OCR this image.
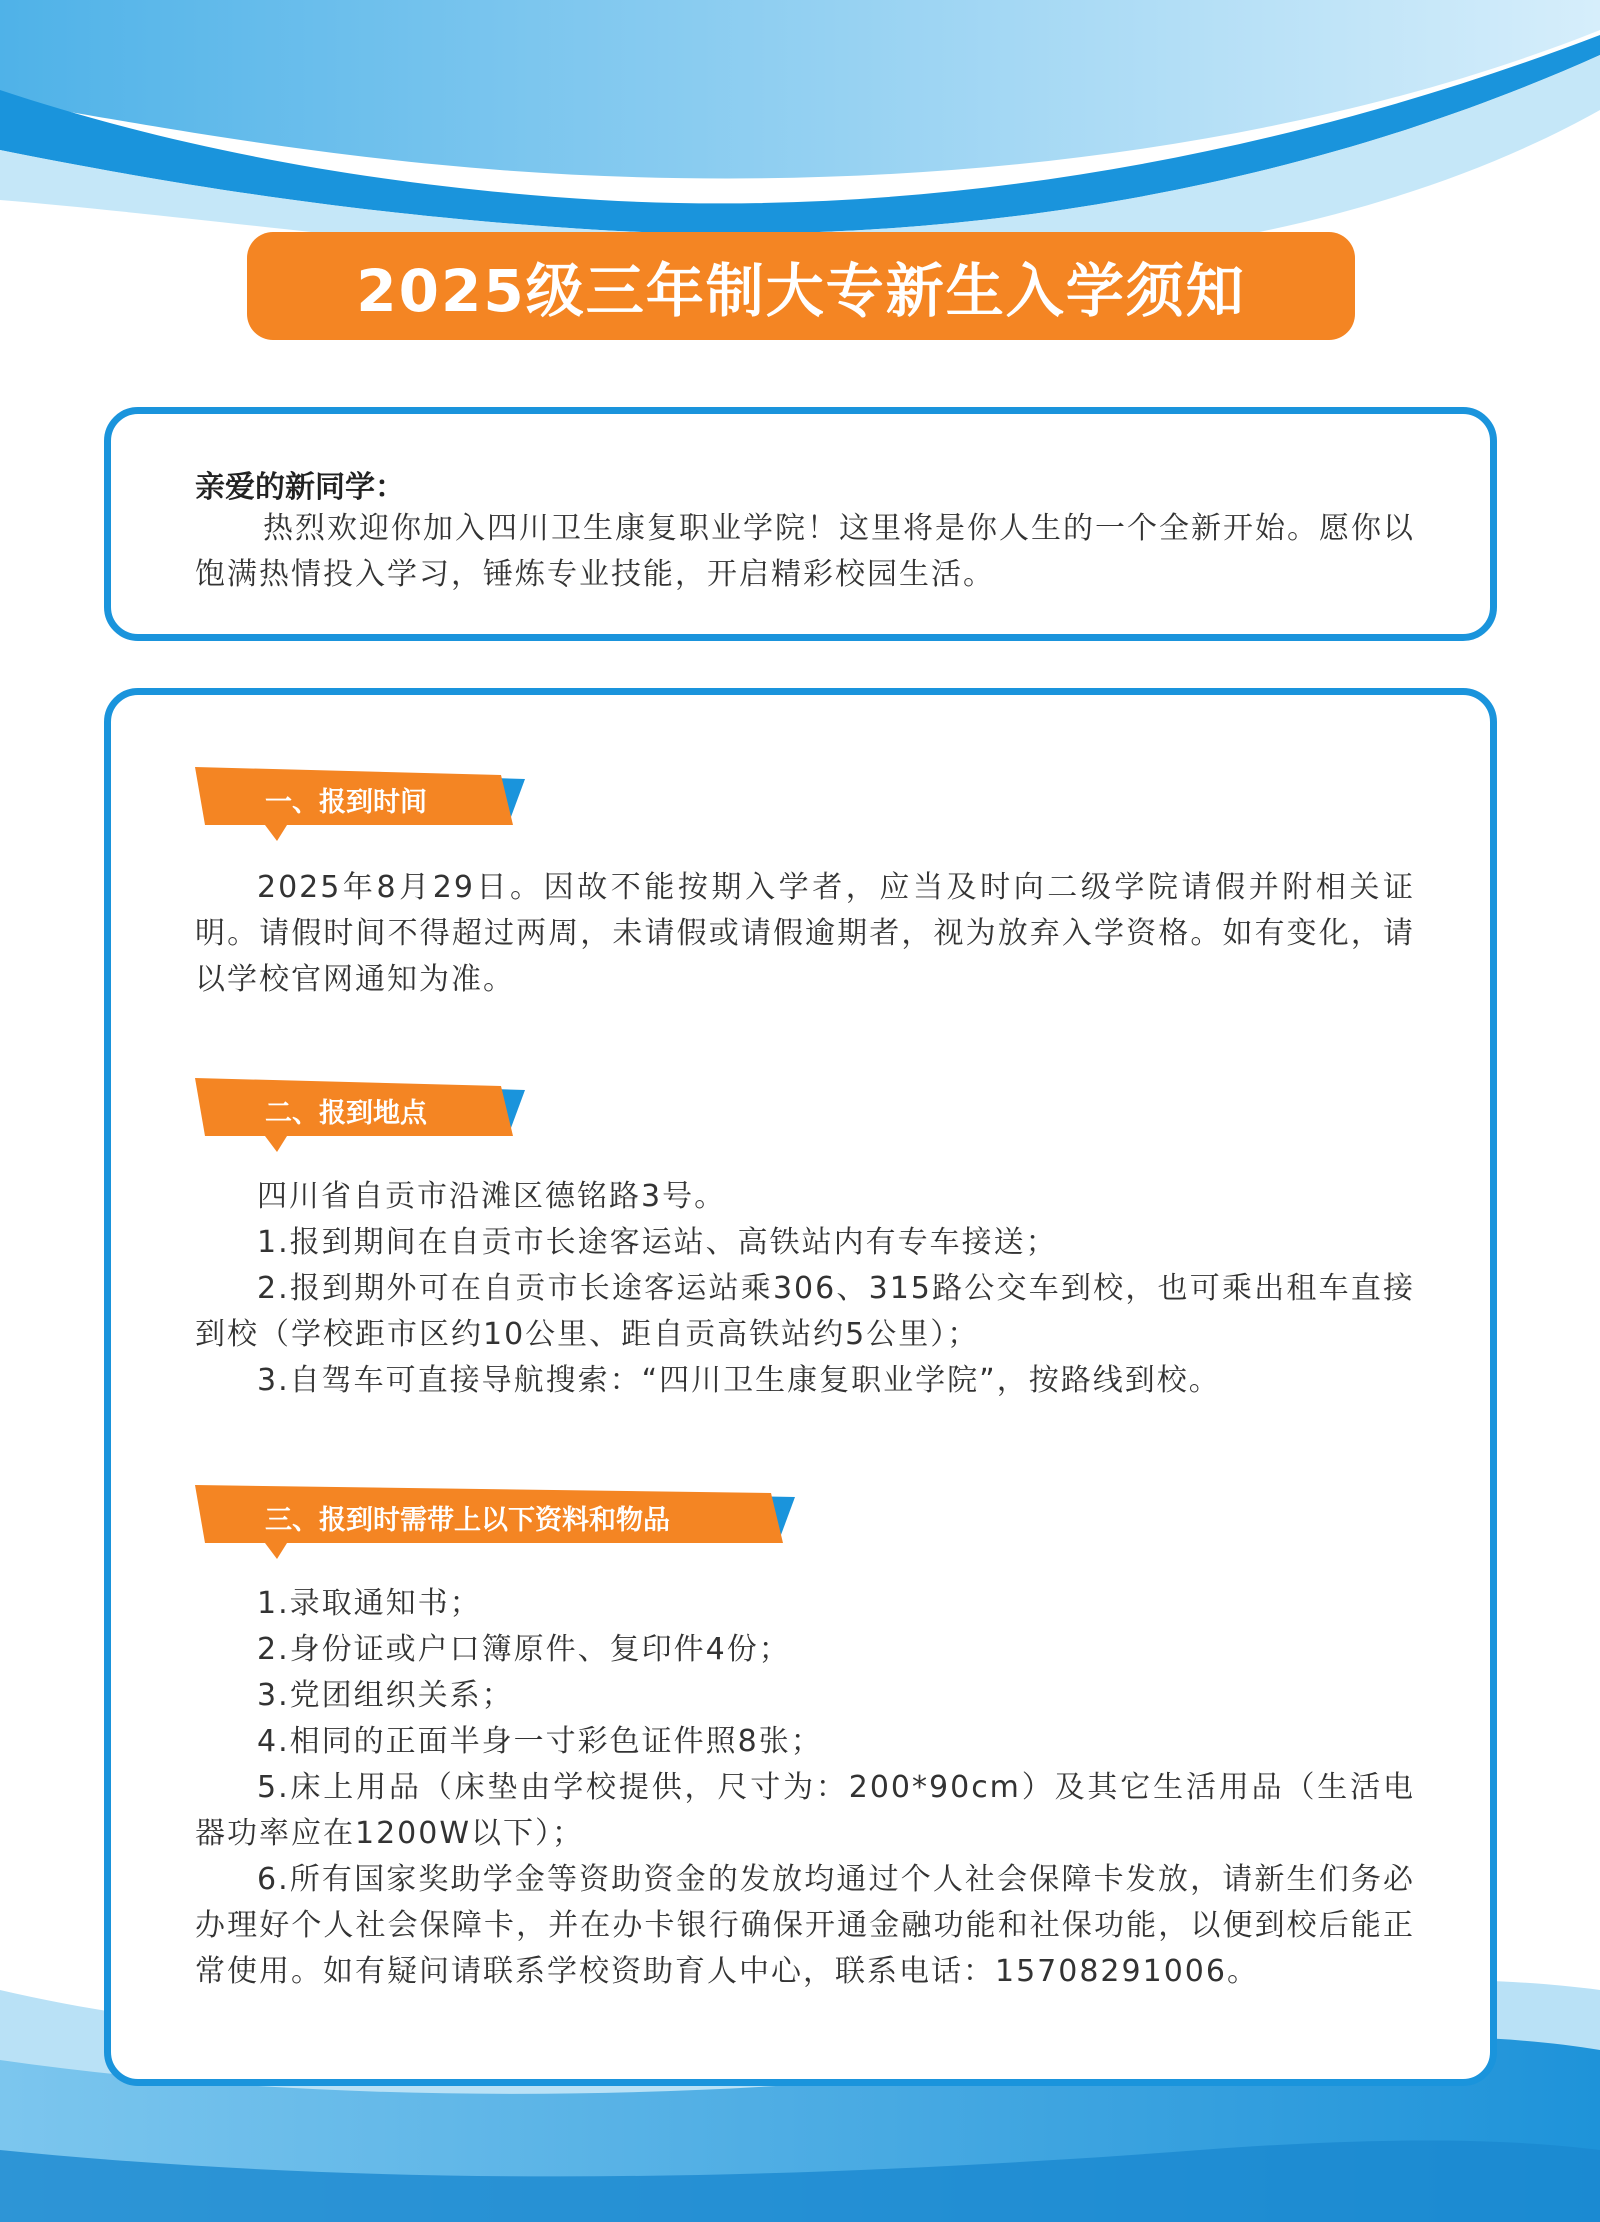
2025级三年制大专新生入学须知
亲爱的新同学：
热烈欢迎你加入四川卫生康复职业学院！这里将是你人生的一个全新开始。愿你以饱满热情投入学习，锤炼专业技能，开启精彩校园生活。
一、报到时间
2025年8月29日。因故不能按期入学者，应当及时向二级学院请假并附相关证明。请假时间不得超过两周，未请假或请假逾期者，视为放弃入学资格。如有变化，请以学校官网通知为准。
二、报到地点
四川省自贡市沿滩区德铭路3号。
1.报到期间在自贡市长途客运站、高铁站内有专车接送；
2.报到期外可在自贡市长途客运站乘306、315路公交车到校，也可乘出租车直接到校（学校距市区约10公里、距自贡高铁站约5公里）；
3.自驾车可直接导航搜索：“四川卫生康复职业学院”，按路线到校。
三、报到时需带上以下资料和物品
1.录取通知书；
2.身份证或户口簿原件、复印件4份；
3.党团组织关系；
4.相同的正面半身一寸彩色证件照8张；
5.床上用品（床垫由学校提供，尺寸为：200*90cm）及其它生活用品（生活电器功率应在1200W以下）；
6.所有国家奖助学金等资助资金的发放均通过个人社会保障卡发放，请新生们务必办理好个人社会保障卡，并在办卡银行确保开通金融功能和社保功能，以便到校后能正常使用。如有疑问请联系学校资助育人中心，联系电话：15708291006。
